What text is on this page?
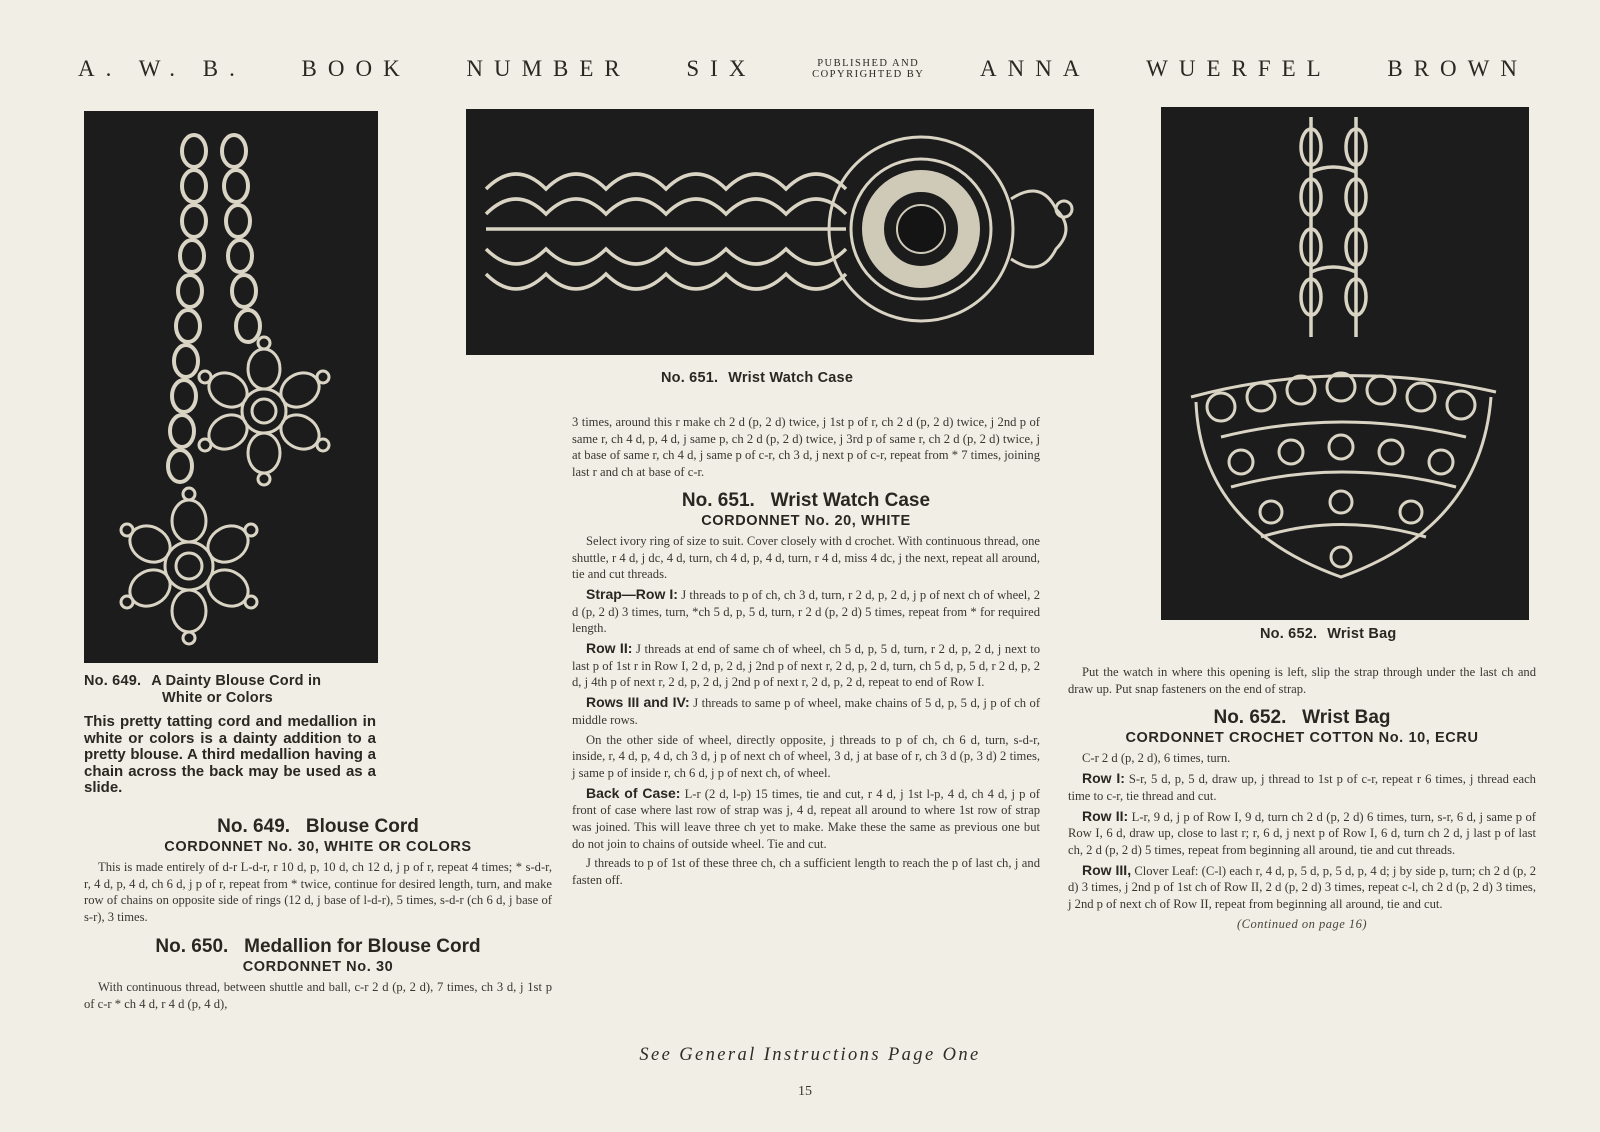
A. W. B. BOOK NUMBER SIX	PUBLISHED AND
COPYRIGHTED BY ANNA WUERFEL BROWN
No. 649. A Dainty Blouse Cord in
White or Colors

This pretty tatting cord and medallion in white or colors is a dainty addition to a pretty blouse. A third medallion having a chain across the back may be used as a slide.

No. 649.   Blouse Cord

CORDONNET No. 30, WHITE OR COLORS

This is made entirely of d-r L-d-r, r 10 d, p, 10 d, ch 12 d, j p of r, repeat 4 times; * s-d-r, r, 4 d, p, 4 d, ch 6 d, j p of r, repeat from * twice, continue for desired length, turn, and make row of chains on opposite side of rings (12 d, j base of l-d-r), 5 times, s-d-r (ch 6 d, j base of s-r), 3 times.

No. 650.   Medallion for Blouse Cord

CORDONNET No. 30

With continuous thread, between shuttle and ball, c-r 2 d (p, 2 d), 7 times, ch 3 d, j 1st p of c-r * ch 4 d, r 4 d (p, 4 d),

No. 651. Wrist Watch Case

3 times, around this r make ch 2 d (p, 2 d) twice, j 1st p of r, ch 2 d (p, 2 d) twice, j 2nd p of same r, ch 4 d, p, 4 d, j same p, ch 2 d (p, 2 d) twice, j 3rd p of same r, ch 2 d (p, 2 d) twice, j at base of same r, ch 4 d, j same p of c-r, ch 3 d, j next p of c-r, repeat from * 7 times, joining last r and ch at base of c-r.

No. 651.   Wrist Watch Case

CORDONNET No. 20, WHITE

Select ivory ring of size to suit. Cover closely with d crochet. With continuous thread, one shuttle, r 4 d, j dc, 4 d, turn, ch 4 d, p, 4 d, turn, r 4 d, miss 4 dc, j the next, repeat all around, tie and cut threads.

Strap—Row I: J threads to p of ch, ch 3 d, turn, r 2 d, p, 2 d, j p of next ch of wheel, 2 d (p, 2 d) 3 times, turn, *ch 5 d, p, 5 d, turn, r 2 d (p, 2 d) 5 times, repeat from * for required length.

Row II: J threads at end of same ch of wheel, ch 5 d, p, 5 d, turn, r 2 d, p, 2 d, j next to last p of 1st r in Row I, 2 d, p, 2 d, j 2nd p of next r, 2 d, p, 2 d, turn, ch 5 d, p, 5 d, r 2 d, p, 2 d, j 4th p of next r, 2 d, p, 2 d, j 2nd p of next r, 2 d, p, 2 d, repeat to end of Row I.

Rows III and IV: J threads to same p of wheel, make chains of 5 d, p, 5 d, j p of ch of middle rows.

On the other side of wheel, directly opposite, j threads to p of ch, ch 6 d, turn, s-d-r, inside, r, 4 d, p, 4 d, ch 3 d, j p of next ch of wheel, 3 d, j at base of r, ch 3 d (p, 3 d) 2 times, j same p of inside r, ch 6 d, j p of next ch, of wheel.

Back of Case: L-r (2 d, l-p) 15 times, tie and cut, r 4 d, j 1st l-p, 4 d, ch 4 d, j p of front of case where last row of strap was j, 4 d, repeat all around to where 1st row of strap was joined. This will leave three ch yet to make. Make these the same as previous one but do not join to chains of outside wheel. Tie and cut.

J threads to p of 1st of these three ch, ch a sufficient length to reach the p of last ch, j and fasten off.

No. 652. Wrist Bag

Put the watch in where this opening is left, slip the strap through under the last ch and draw up. Put snap fasteners on the end of strap.

No. 652.   Wrist Bag

CORDONNET CROCHET COTTON No. 10, ECRU

C-r 2 d (p, 2 d), 6 times, turn.

Row I: S-r, 5 d, p, 5 d, draw up, j thread to 1st p of c-r, repeat r 6 times, j thread each time to c-r, tie thread and cut.

Row II: L-r, 9 d, j p of Row I, 9 d, turn ch 2 d (p, 2 d) 6 times, turn, s-r, 6 d, j same p of Row I, 6 d, draw up, close to last r; r, 6 d, j next p of Row I, 6 d, turn ch 2 d, j last p of last ch, 2 d (p, 2 d) 5 times, repeat from beginning all around, tie and cut threads.

Row III, Clover Leaf: (C-l) each r, 4 d, p, 5 d, p, 5 d, p, 4 d; j by side p, turn; ch 2 d (p, 2 d) 3 times, j 2nd p of 1st ch of Row II, 2 d (p, 2 d) 3 times, repeat c-l, ch 2 d (p, 2 d) 3 times, j 2nd p of next ch of Row II, repeat from beginning all around, tie and cut.

(Continued on page 16)
See General Instructions Page One
15
